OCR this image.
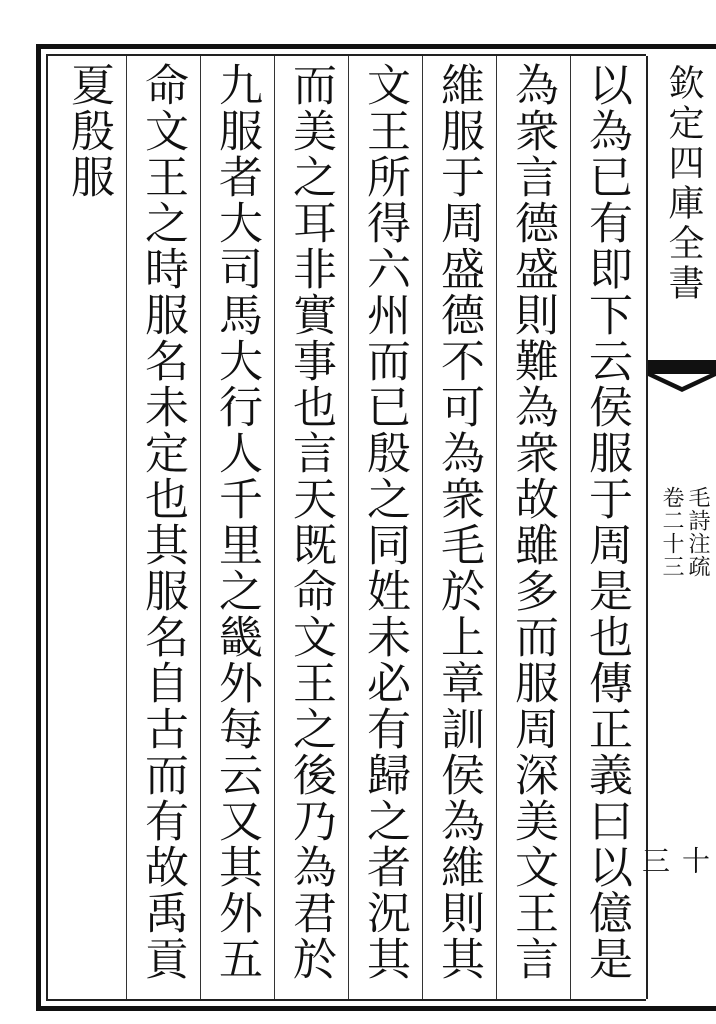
以為已有即下云侯服于周是也傳正義曰以億是
為衆言德盛則難為衆故雖多而服周深美文王言
維服于周盛德不可為衆毛於上章訓侯為維則其
文王所得六州而已殷之同姓未必有歸之者況其
而美之耳非實事也言天既命文王之後乃為君於
九服者大司馬大行人千里之畿外每云又其外五
命文王之時服名未定也其服名自古而有故禹貢
夏殷服	欽定四庫全書
毛詩注疏
卷二十三
十三
